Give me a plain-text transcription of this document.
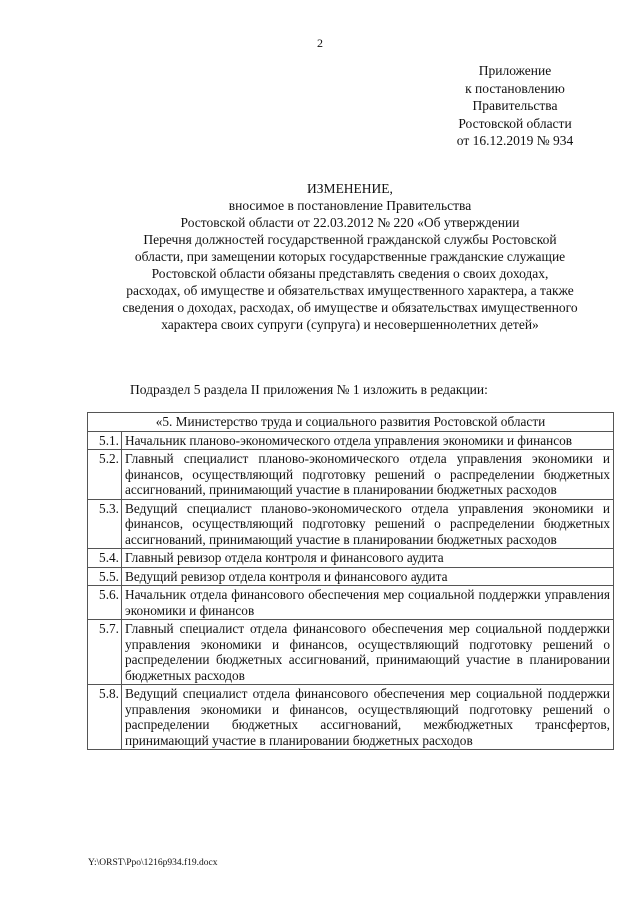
2
Приложение
к постановлению
Правительства
Ростовской области
от 16.12.2019 № 934
ИЗМЕНЕНИЕ,
вносимое в постановление Правительства
Ростовской области от 22.03.2012 № 220 «Об утверждении
Перечня должностей государственной гражданской службы Ростовской
области, при замещении которых государственные гражданские служащие
Ростовской области обязаны представлять сведения о своих доходах,
расходах, об имуществе и обязательствах имущественного характера, а также
сведения о доходах, расходах, об имуществе и обязательствах имущественного
характера своих супруги (супруга) и несовершеннолетних детей»
Подраздел 5 раздела II приложения № 1 изложить в редакции:
«5. Министерство труда и социального развития Ростовской области	
5.1.	Начальник планово-экономического отдела управления экономики и финансов
5.2.	Главный специалист планово-экономического отдела управления экономики и финансов, осуществляющий подготовку решений о распределении бюджетных ассигнований, принимающий участие в планировании бюджетных расходов
5.3.	Ведущий специалист планово-экономического отдела управления экономики и финансов, осуществляющий подготовку решений о распределении бюджетных ассигнований, принимающий участие в планировании бюджетных расходов
5.4.	Главный ревизор отдела контроля и финансового аудита
5.5.	Ведущий ревизор отдела контроля и финансового аудита
5.6.	Начальник отдела финансового обеспечения мер социальной поддержки управления экономики и финансов
5.7.	Главный специалист отдела финансового обеспечения мер социальной поддержки управления экономики и финансов, осуществляющий подготовку решений о распределении бюджетных ассигнований, принимающий участие в планировании бюджетных расходов
5.8.	Ведущий специалист отдела финансового обеспечения мер социальной поддержки управления экономики и финансов, осуществляющий подготовку решений о распределении бюджетных ассигнований, межбюджетных трансфертов, принимающий участие в планировании бюджетных расходов
Y:\ORST\Ppo\1216p934.f19.docx
